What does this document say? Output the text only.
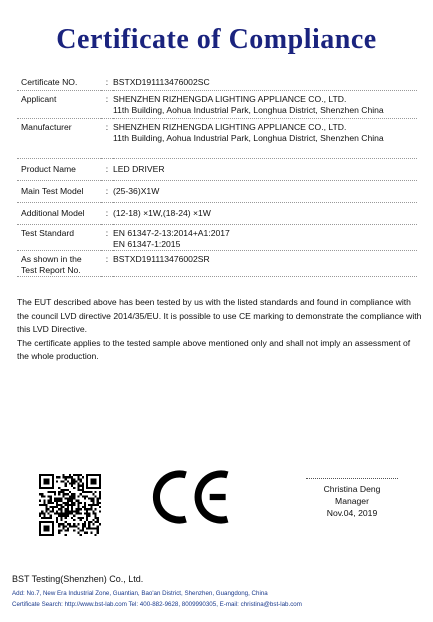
Certificate of Compliance
Certificate NO.	:	BSTXD191113476002SC

Applicant	:	SHENZHEN RIZHENGDA LIGHTING APPLIANCE CO., LTD.
11th Building, Aohua Industrial Park, Longhua District, Shenzhen China

Manufacturer	:	SHENZHEN RIZHENGDA LIGHTING APPLIANCE CO., LTD.
11th Building, Aohua Industrial Park, Longhua District, Shenzhen China

Product Name	:	LED DRIVER

Main Test Model	:	(25-36)X1W

Additional Model	:	(12-18) ×1W,(18-24) ×1W

Test Standard	:	EN 61347-2-13:2014+A1:2017
EN 61347-1:2015

As shown in the
Test Report No.	:	BSTXD191113476002SR

The EUT described above has been tested by us with the listed standards and found in compliance with the council LVD directive 2014/35/EU. It is possible to use CE marking to demonstrate the compliance with this LVD Directive.

The certificate applies to the tested sample above mentioned only and shall not imply an assessment of the whole production.

Christina Deng
Manager
Nov.04, 2019
BST Testing(Shenzhen) Co., Ltd.
Add: No.7, New Era Industrial Zone, Guantian, Bao'an District, Shenzhen, Guangdong, China
Certificate Search: http://www.bst-lab.com Tel: 400-882-9628, 8009990305, E-mail: christina@bst-lab.com
